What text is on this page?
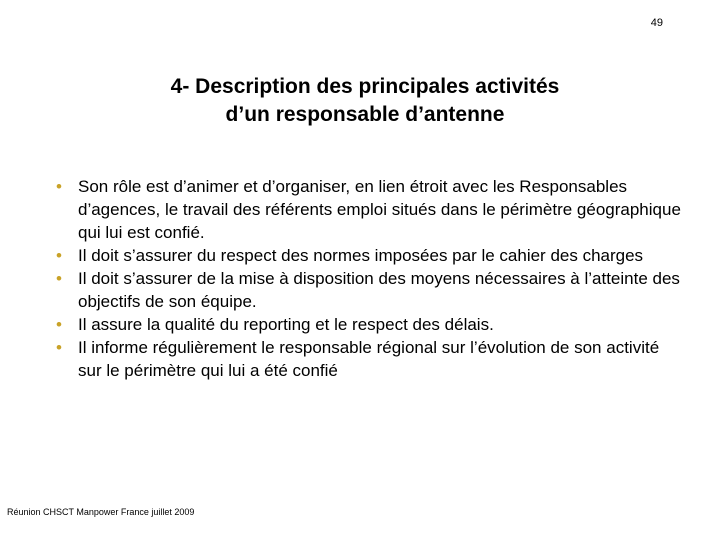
49
4- Description des principales activités
d’un responsable d’antenne
• Son rôle est d’animer et d’organiser, en lien étroit avec les Responsables d’agences, le travail des référents emploi situés dans le périmètre géographique qui lui est confié.
• Il doit s’assurer du respect des normes imposées par le cahier des charges
• Il doit s’assurer de la mise à disposition des moyens nécessaires à l’atteinte des objectifs de son équipe.
• Il assure la qualité du reporting et le respect des délais.
• Il informe régulièrement le responsable régional sur l’évolution de son activité sur le périmètre qui lui a été confié
Réunion CHSCT Manpower France juillet 2009
